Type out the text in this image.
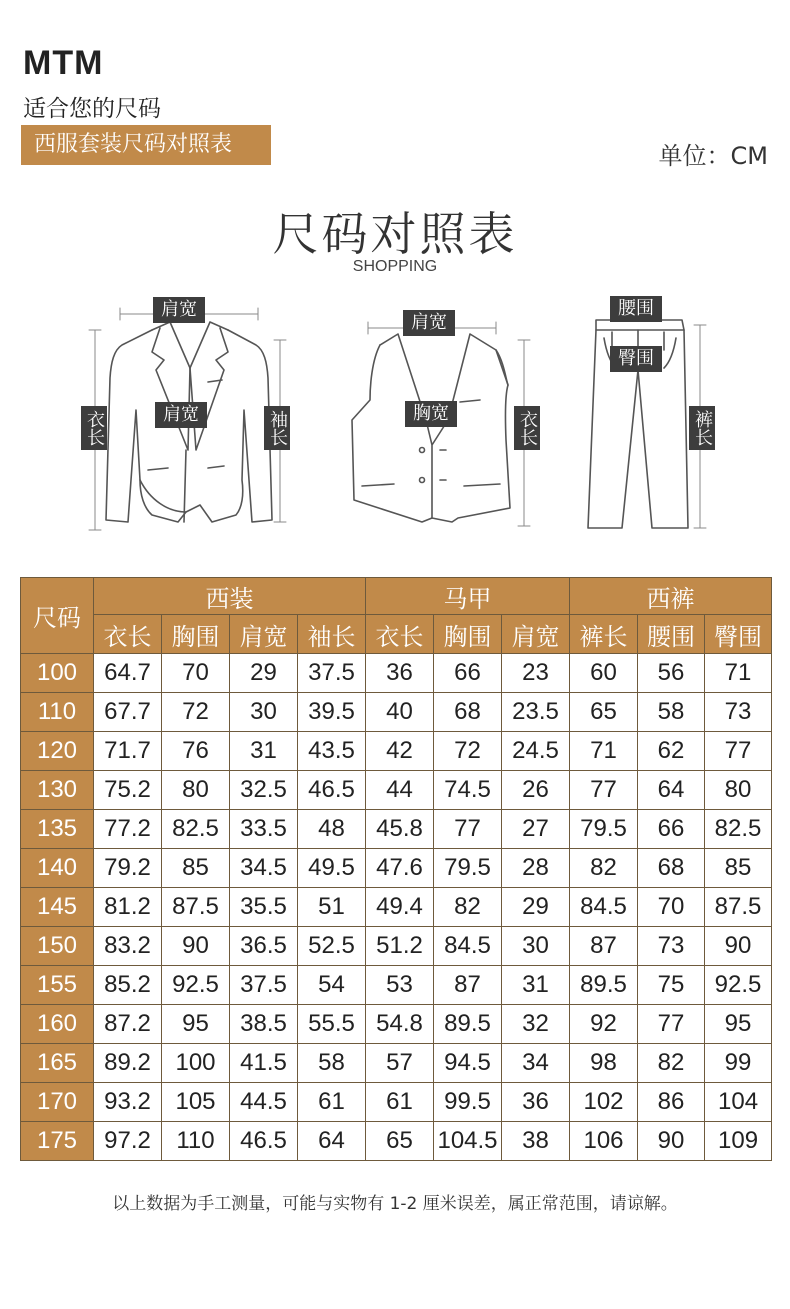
MTM
适合您的尺码
西服套装尺码对照表	单位：CM
尺码对照表
SHOPPING
肩宽
肩宽
衣长	袖长
肩宽
胸宽	衣长
腰围
臀围
裤长
尺码	西装				马甲			西裤		
	衣长	胸围	肩宽	袖长	衣长	胸围	肩宽	裤长	腰围	臀围
100	64.7	70	29	37.5	36	66	23	60	56	71
110	67.7	72	30	39.5	40	68	23.5	65	58	73
120	71.7	76	31	43.5	42	72	24.5	71	62	77
130	75.2	80	32.5	46.5	44	74.5	26	77	64	80
135	77.2	82.5	33.5	48	45.8	77	27	79.5	66	82.5
140	79.2	85	34.5	49.5	47.6	79.5	28	82	68	85
145	81.2	87.5	35.5	51	49.4	82	29	84.5	70	87.5
150	83.2	90	36.5	52.5	51.2	84.5	30	87	73	90
155	85.2	92.5	37.5	54	53	87	31	89.5	75	92.5
160	87.2	95	38.5	55.5	54.8	89.5	32	92	77	95
165	89.2	100	41.5	58	57	94.5	34	98	82	99
170	93.2	105	44.5	61	61	99.5	36	102	86	104
175	97.2	110	46.5	64	65	104.5	38	106	90	109
以上数据为手工测量，可能与实物有 1-2 厘米误差，属正常范围，请谅解。
